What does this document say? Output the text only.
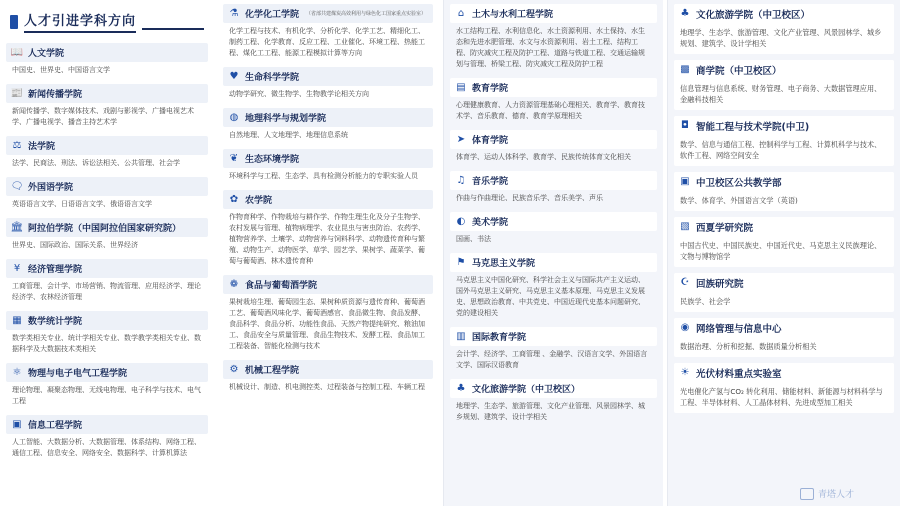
人才引进学科方向
📖 人文学院
中国史、世界史、中国语言文学
📰 新闻传播学院
新闻传播学、数字媒体技术、戏剧与影视学、广播电视艺术学、广播电视学、播音主持艺术学
⚖ 法学院
法学、民商法、刑法、诉讼法相关、公共管理、社会学
🗨 外国语学院
英语语言文学、日语语言文学、俄语语言文学
🏛 阿拉伯学院（中国阿拉伯国家研究院）
世界史、国际政治、国际关系、世界经济
¥ 经济管理学院
工商管理、会计学、市场营销、物流管理、应用经济学、理论经济学、农林经济管理
▦ 数学统计学院
数学类相关专业、统计学相关专业、数学教学类相关专业、数据科学及大数据技术类相关
⚛ 物理与电子电气工程学院
理论物理、凝聚态物理、无线电物理、电子科学与技术、电气工程
▣ 信息工程学院
人工智能、大数据分析、大数据管理、体系结构、网络工程、通信工程、信息安全、网络安全、数据科学、计算机算法
⚗ 化学化工学院 （省部共建煤炭高效利用与绿色化工国家重点实验室）
化学工程与技术、有机化学、分析化学、化学工艺、精细化工、制药工程、化学教育、反应工程、工业催化、环境工程、热能工程、煤化工工程、能源工程模拟计算等方向
♥ 生命科学学院
动物学研究、微生物学、生物教学论相关方向
◍ 地理科学与规划学院
自然地理、人文地理学、地理信息系统
❦ 生态环境学院
环境科学与工程、生态学、具有检测分析能力的专职实验人员
✿ 农学院
作物育种学、作物栽培与耕作学、作物生理生化及分子生物学、农村发展与管理、植物病理学、农业昆虫与害虫防治、农药学、植物营养学、土壤学、动物营养与饲料科学、动物遗传育种与繁殖、动物生产、动物医学、草学、园艺学、果树学、蔬菜学、葡萄与葡萄酒、林木遗传育种
❁ 食品与葡萄酒学院
果树栽培生理、葡萄园生态、果树种质资源与遗传育种、葡萄酒工艺、葡萄酒风味化学、葡萄酒感官、食品微生物、食品发酵、食品科学、食品分析、功能性食品、天然产物提纯研究、粮油加工、食品安全与质量管理、食品生物技术、发酵工程、食品加工工程装备、智能化检测与技术
⚙ 机械工程学院
机械设计、制造、机电测控类、过程装备与控制工程、车辆工程
⌂ 土木与水利工程学院
水工结构工程、水利信息化、水土资源利用、水土保持、水生态和先进水肥管理、水文与水资源利用、岩土工程、结构工程、防灾减灾工程及防护工程、道路与铁道工程、交通运输规划与管理、桥梁工程、防灾减灾工程及防护工程
▤ 教育学院
心理健康教育、人力资源管理基础心理相关、教育学、教育技术学、音乐教育、德育、教育学原理相关
➤ 体育学院
体育学、运动人体科学、教育学、民族传统体育文化相关
♫ 音乐学院
作曲与作曲理论、民族音乐学、音乐美学、声乐
◐ 美术学院
国画、书法
⚑ 马克思主义学院
马克思主义中国化研究、科学社会主义与国际共产主义运动、国外马克思主义研究、马克思主义基本原理、马克思主义发展史、思想政治教育、中共党史、中国近现代史基本问题研究、党的建设相关
▥ 国际教育学院
会计学、经济学、工商管理 、金融学、汉语言文学、外国语言文学、国际汉语教育
♣ 文化旅游学院（中卫校区）
地理学、生态学、旅游管理、文化产业管理、风景园林学、城乡规划、建筑学、设计学相关
♣ 文化旅游学院（中卫校区）
地理学、生态学、旅游管理、文化产业管理、风景园林学、城乡规划、建筑学、设计学相关
▩ 商学院（中卫校区）
信息管理与信息系统、财务管理、电子商务、大数据管理应用、金融科技相关
◘ 智能工程与技术学院(中卫)
数学、信息与通信工程、控制科学与工程、计算机科学与技术、软件工程、网络空间安全
▣ 中卫校区公共教学部
数学、体育学、外国语言文学（英语)
▧ 西夏学研究院
中国古代史、中国民族史、中国近代史、马克思主义民族理论、文物与博物馆学
☪ 回族研究院
民族学、社会学
◉ 网络管理与信息中心
数据治理、分析和挖掘、数据质量分析相关
☀ 光伏材料重点实验室
光电催化产氢与CO₂ 转化利用、储能材料、新能源与材料科学与工程、半导体材料、人工晶体材料、先进成型加工相关
青塔人才
